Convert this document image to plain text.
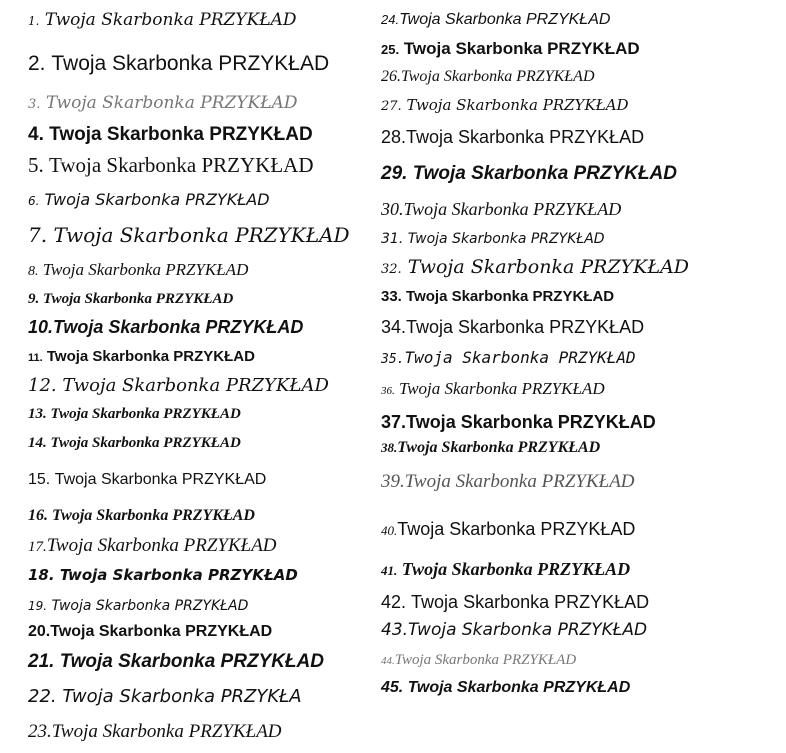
1. Twoja Skarbonka PRZYKŁAD
2. Twoja Skarbonka PRZYKŁAD
3. Twoja Skarbonka PRZYKŁAD
4. Twoja Skarbonka PRZYKŁAD
5. Twoja Skarbonka PRZYKŁAD
6. Twoja Skarbonka PRZYKŁAD
7. Twoja Skarbonka PRZYKŁAD
8. Twoja Skarbonka PRZYKŁAD
9. Twoja Skarbonka PRZYKŁAD
10.Twoja Skarbonka PRZYKŁAD
11. Twoja Skarbonka PRZYKŁAD
12. Twoja Skarbonka PRZYKŁAD
13. Twoja Skarbonka PRZYKŁAD
14. Twoja Skarbonka PRZYKŁAD
15. Twoja Skarbonka PRZYKŁAD
16. Twoja Skarbonka PRZYKŁAD
17.Twoja Skarbonka PRZYKŁAD
18. Twoja Skarbonka PRZYKŁAD
19. Twoja Skarbonka PRZYKŁAD
20.Twoja Skarbonka PRZYKŁAD
21. Twoja Skarbonka PRZYKŁAD
22. Twoja Skarbonka PRZYKŁA
23.Twoja Skarbonka PRZYKŁAD
24.Twoja Skarbonka PRZYKŁAD
25. Twoja Skarbonka PRZYKŁAD
26.Twoja Skarbonka PRZYKŁAD
27. Twoja Skarbonka PRZYKŁAD
28.Twoja Skarbonka PRZYKŁAD
29. Twoja Skarbonka PRZYKŁAD
30.Twoja Skarbonka PRZYKŁAD
31. Twoja Skarbonka PRZYKŁAD
32. Twoja Skarbonka PRZYKŁAD
33. Twoja Skarbonka PRZYKŁAD
34.Twoja Skarbonka PRZYKŁAD
35.Twoja Skarbonka PRZYKŁAD
36. Twoja Skarbonka PRZYKŁAD
37.Twoja Skarbonka PRZYKŁAD
38.Twoja Skarbonka PRZYKŁAD
39.Twoja Skarbonka PRZYKŁAD
40.Twoja Skarbonka PRZYKŁAD
41. Twoja Skarbonka PRZYKŁAD
42. Twoja Skarbonka PRZYKŁAD
43.Twoja Skarbonka PRZYKŁAD
44.Twoja Skarbonka PRZYKŁAD
45. Twoja Skarbonka PRZYKŁAD
